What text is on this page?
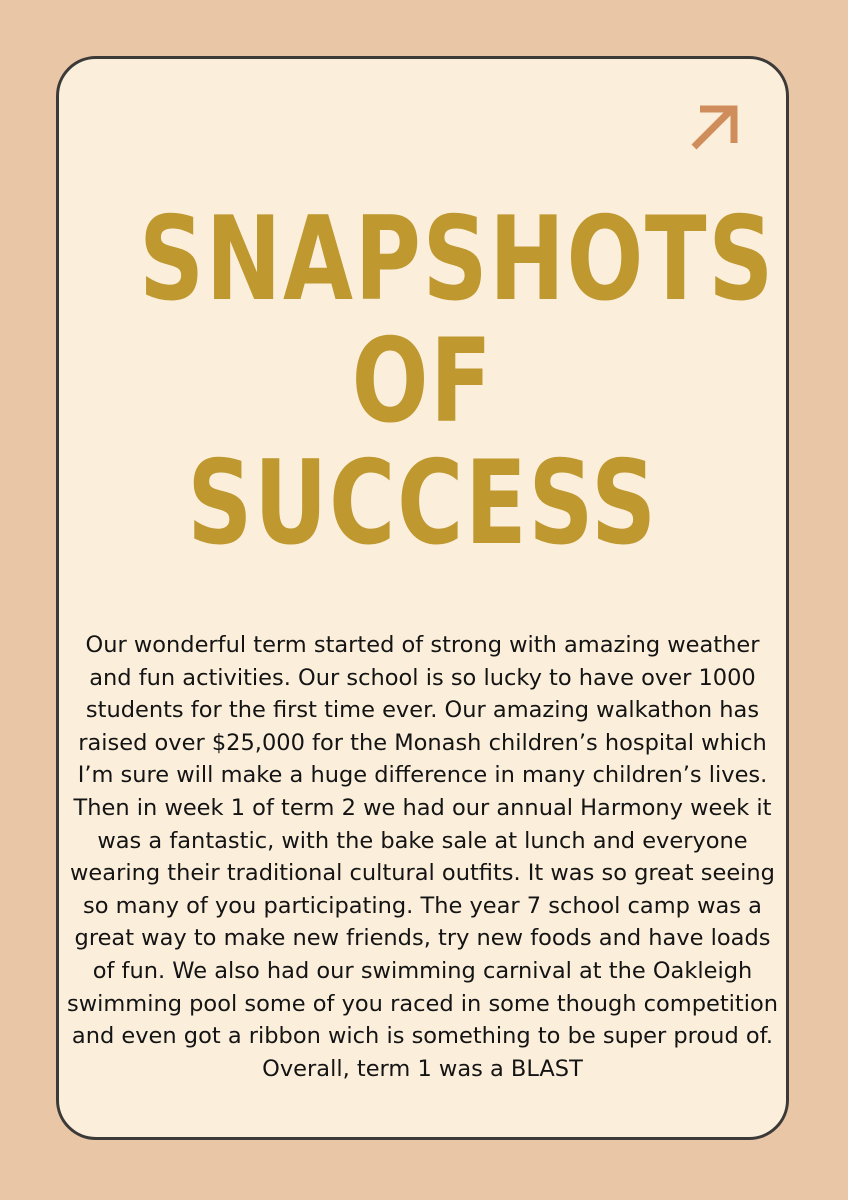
SNAPSHOTS
OF SUCCESS

Our wonderful term started of strong with amazing weather and fun activities. Our school is so lucky to have over 1000 students for the first time ever. Our amazing walkathon has raised over $25,000 for the Monash children’s hospital which I’m sure will make a huge difference in many children’s lives. Then in week 1 of term 2 we had our annual Harmony week it was a fantastic, with the bake sale at lunch and everyone wearing their traditional cultural outfits. It was so great seeing so many of you participating. The year 7 school camp was a great way to make new friends, try new foods and have loads of fun. We also had our swimming carnival at the Oakleigh swimming pool some of you raced in some though competition and even got a ribbon wich is something to be super proud of. Overall, term 1 was a BLAST
